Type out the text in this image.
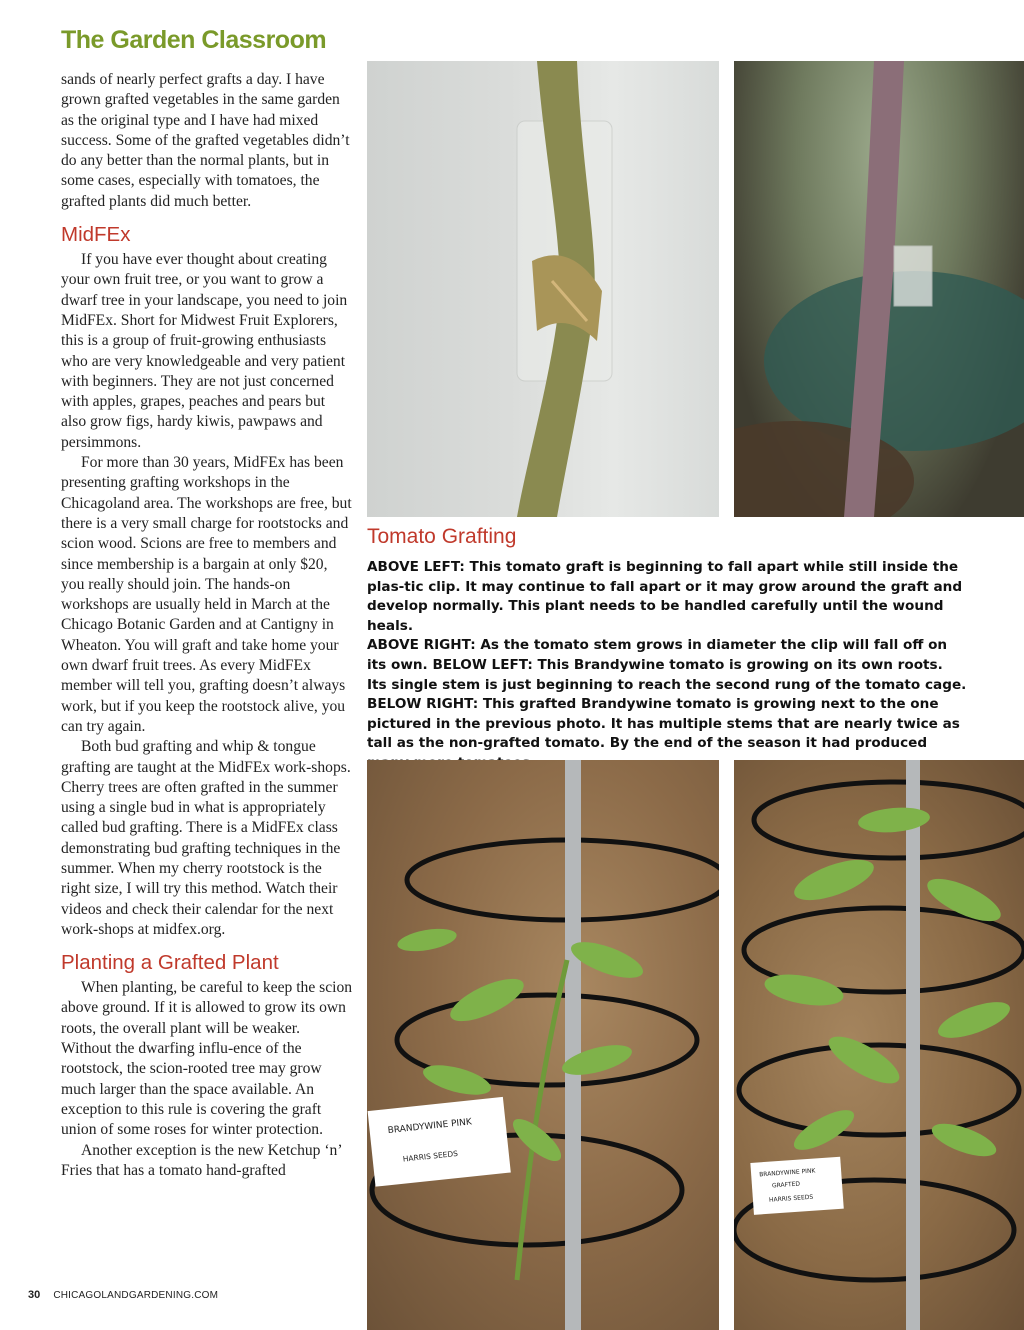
The Garden Classroom

sands of nearly perfect grafts a day. I have grown grafted vegetables in the same garden as the original type and I have had mixed success. Some of the grafted vegetables didn’t do any better than the normal plants, but in some cases, especially with tomatoes, the grafted plants did much better.

MidFEx

If you have ever thought about creating your own fruit tree, or you want to grow a dwarf tree in your landscape, you need to join MidFEx. Short for Midwest Fruit Explorers, this is a group of fruit-growing enthusiasts who are very knowledgeable and very patient with beginners. They are not just concerned with apples, grapes, peaches and pears but also grow figs, hardy kiwis, pawpaws and persimmons.

For more than 30 years, MidFEx has been presenting grafting workshops in the Chicagoland area. The workshops are free, but there is a very small charge for rootstocks and scion wood. Scions are free to members and since membership is a bargain at only $20, you really should join. The hands-on workshops are usually held in March at the Chicago Botanic Garden and at Cantigny in Wheaton. You will graft and take home your own dwarf fruit trees. As every MidFEx member will tell you, grafting doesn’t always work, but if you keep the rootstock alive, you can try again.

Both bud grafting and whip & tongue grafting are taught at the MidFEx work-shops. Cherry trees are often grafted in the summer using a single bud in what is appropriately called bud grafting. There is a MidFEx class demonstrating bud grafting techniques in the summer. When my cherry rootstock is the right size, I will try this method. Watch their videos and check their calendar for the next work-shops at midfex.org.

Planting a Grafted Plant

When planting, be careful to keep the scion above ground. If it is allowed to grow its own roots, the overall plant will be weaker. Without the dwarfing influ-ence of the rootstock, the scion-rooted tree may grow much larger than the space available. An exception to this rule is covering the graft union of some roses for winter protection.

Another exception is the new Ketchup ‘n’ Fries that has a tomato hand-grafted

Tomato Grafting

ABOVE LEFT: This tomato graft is beginning to fall apart while still inside the plas-tic clip. It may continue to fall apart or it may grow around the graft and develop normally. This plant needs to be handled carefully until the wound heals.

ABOVE RIGHT: As the tomato stem grows in diameter the clip will fall off on its own. BELOW LEFT: This Brandywine tomato is growing on its own roots. Its single stem is just beginning to reach the second rung of the tomato cage.

BELOW RIGHT: This grafted Brandywine tomato is growing next to the one pictured in the previous photo. It has multiple stems that are nearly twice as tall as the non-grafted tomato. By the end of the season it had produced

BRANDYWINE PINK
HARRIS SEEDS
BRANDYWINE PINK
GRAFTED
HARRIS SEEDS
30 CHICAGOLANDGARDENING.COM
